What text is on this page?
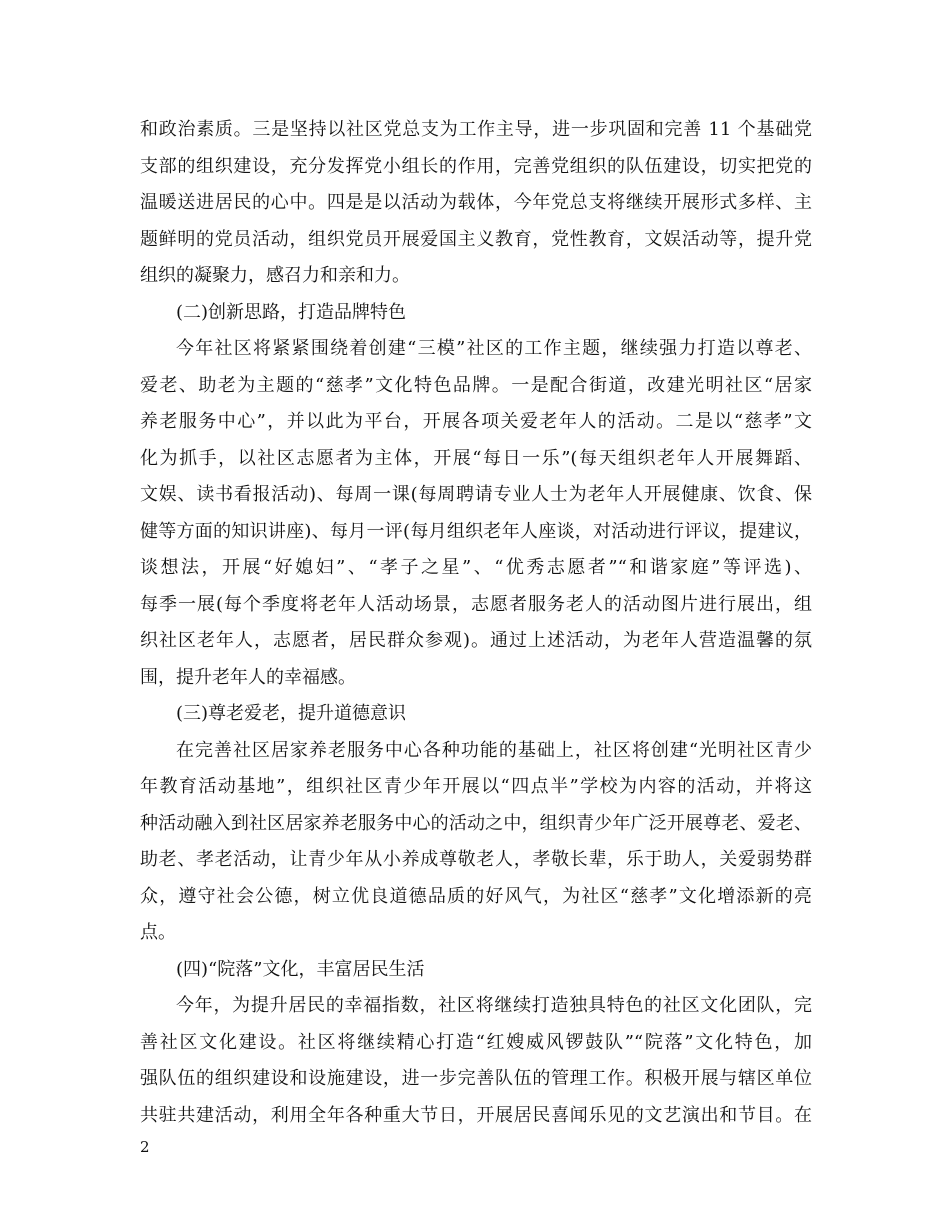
和政治素质。三是坚持以社区党总支为工作主导，进一步巩固和完善 11 个基础党
支部的组织建设，充分发挥党小组长的作用，完善党组织的队伍建设，切实把党的
温暖送进居民的心中。四是是以活动为载体，今年党总支将继续开展形式多样、主
题鲜明的党员活动，组织党员开展爱国主义教育，党性教育，文娱活动等，提升党
组织的凝聚力，感召力和亲和力。
(二)创新思路，打造品牌特色
今年社区将紧紧围绕着创建“三模”社区的工作主题，继续强力打造以尊老、
爱老、助老为主题的“慈孝”文化特色品牌。一是配合街道，改建光明社区“居家
养老服务中心”，并以此为平台，开展各项关爱老年人的活动。二是以“慈孝”文
化为抓手，以社区志愿者为主体，开展“每日一乐”(每天组织老年人开展舞蹈、
文娱、读书看报活动)、每周一课(每周聘请专业人士为老年人开展健康、饮食、保
健等方面的知识讲座)、每月一评(每月组织老年人座谈，对活动进行评议，提建议，
谈想法，开展“好媳妇”、“孝子之星”、“优秀志愿者”“和谐家庭”等评选)、
每季一展(每个季度将老年人活动场景，志愿者服务老人的活动图片进行展出，组
织社区老年人，志愿者，居民群众参观)。通过上述活动，为老年人营造温馨的氛
围，提升老年人的幸福感。
(三)尊老爱老，提升道德意识
在完善社区居家养老服务中心各种功能的基础上，社区将创建“光明社区青少
年教育活动基地”，组织社区青少年开展以“四点半”学校为内容的活动，并将这
种活动融入到社区居家养老服务中心的活动之中，组织青少年广泛开展尊老、爱老、
助老、孝老活动，让青少年从小养成尊敬老人，孝敬长辈，乐于助人，关爱弱势群
众，遵守社会公德，树立优良道德品质的好风气，为社区“慈孝”文化增添新的亮
点。
(四)“院落”文化，丰富居民生活
今年，为提升居民的幸福指数，社区将继续打造独具特色的社区文化团队，完
善社区文化建设。社区将继续精心打造“红嫂威风锣鼓队”“院落”文化特色，加
强队伍的组织建设和设施建设，进一步完善队伍的管理工作。积极开展与辖区单位
共驻共建活动，利用全年各种重大节日，开展居民喜闻乐见的文艺演出和节目。在
2
